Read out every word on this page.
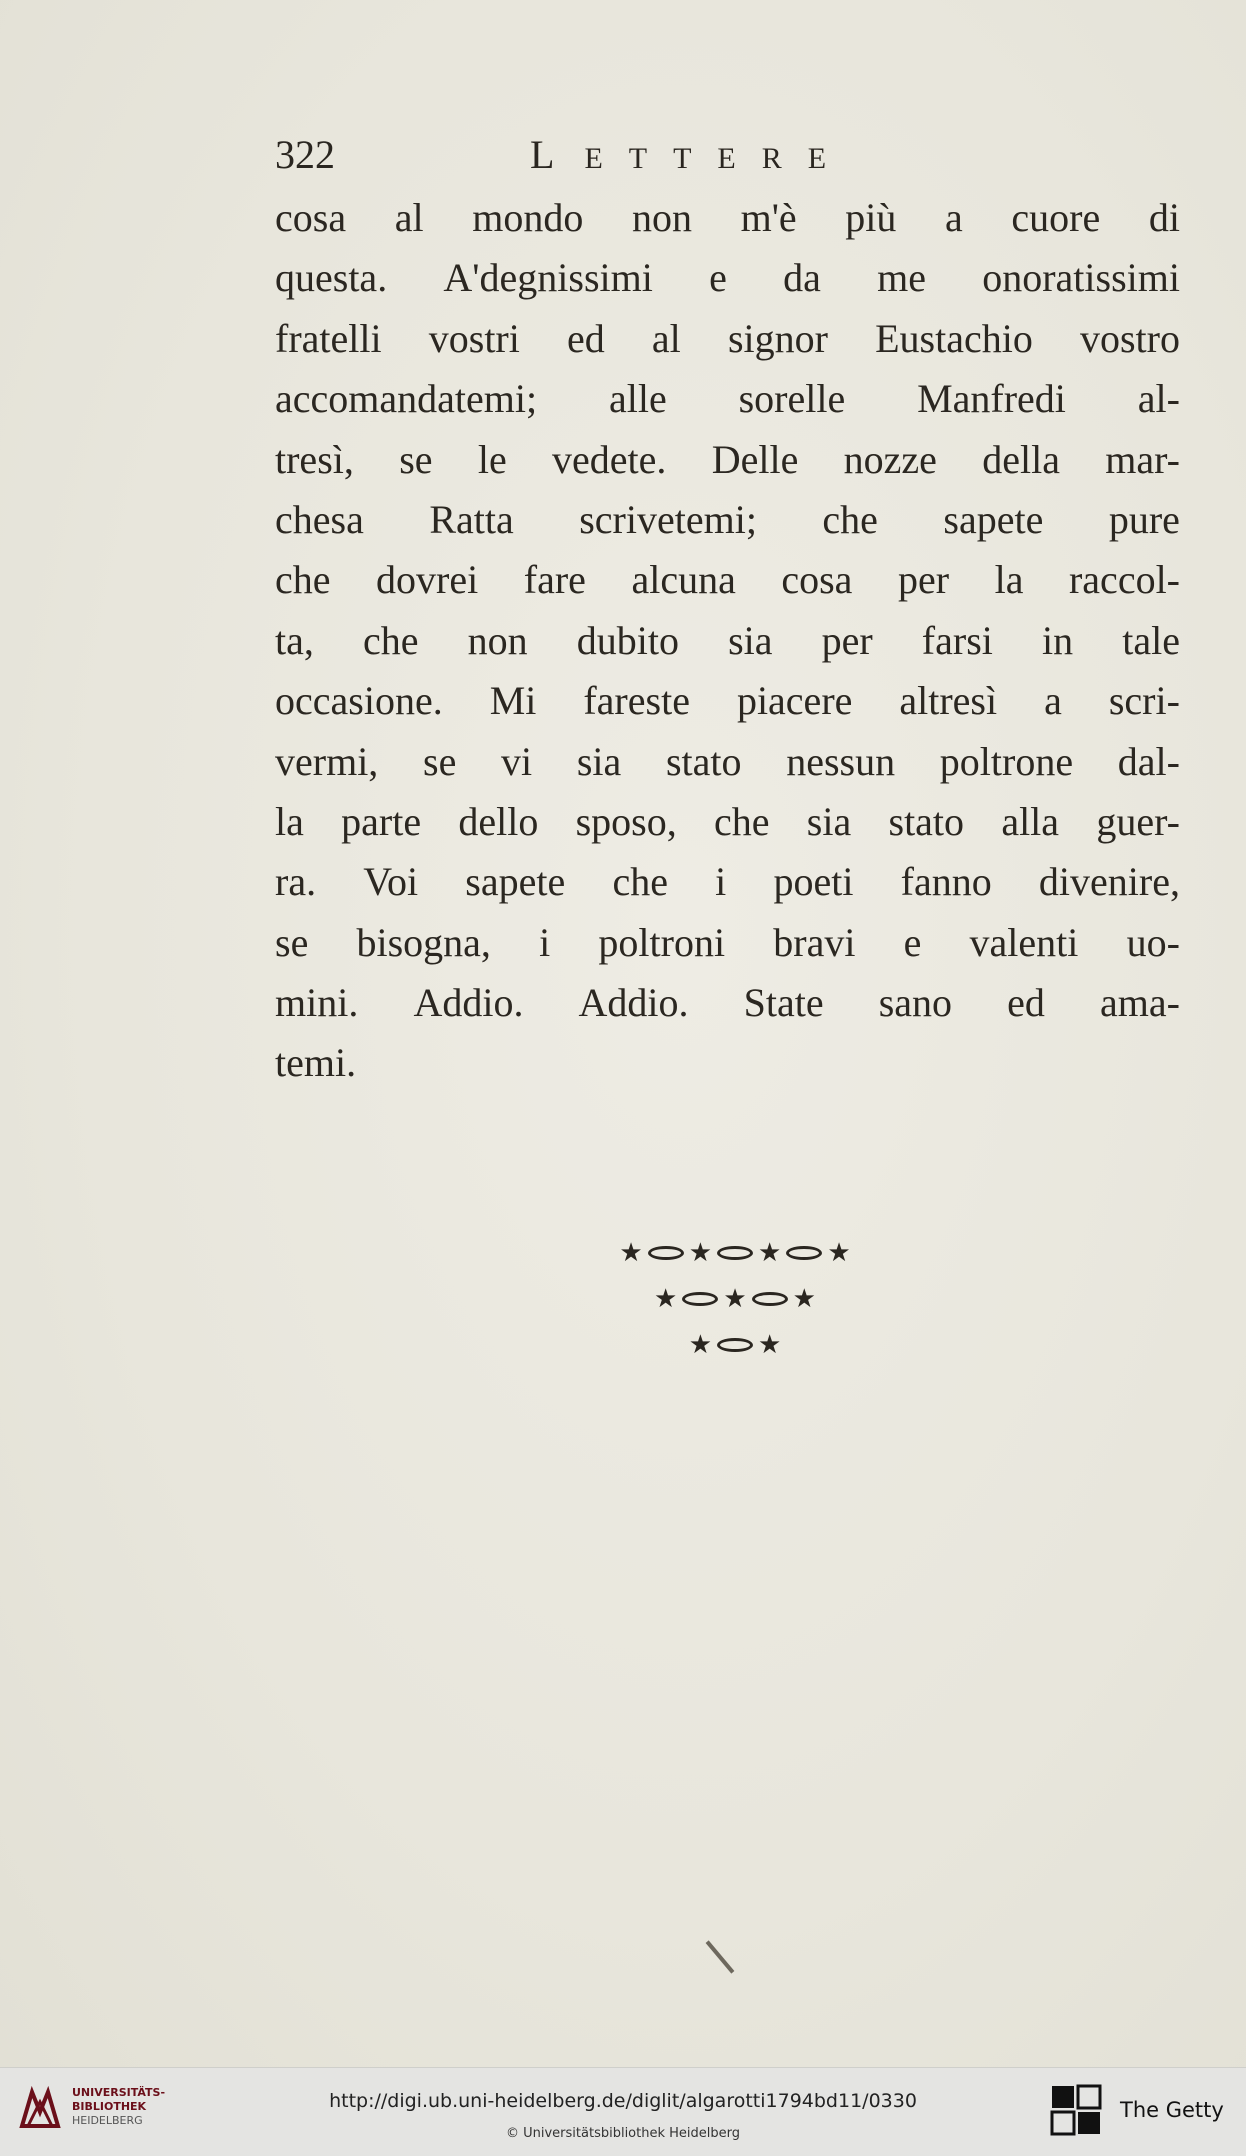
322	LETTERE
cosa al mondo non m'è più a cuore di
questa. A'degnissimi e da me onoratissimi
fratelli vostri ed al signor Eustachio vostro
accomandatemi; alle sorelle Manfredi al-
tresì, se le vedete. Delle nozze della mar-
chesa Ratta scrivetemi; che sapete pure
che dovrei fare alcuna cosa per la raccol-
ta, che non dubito sia per farsi in tale
occasione. Mi fareste piacere altresì a scri-
vermi, se vi sia stato nessun poltrone dal-
la parte dello sposo, che sia stato alla guer-
ra. Voi sapete che i poeti fanno divenire,
se bisogna, i poltroni bravi e valenti uo-
mini. Addio. Addio. State sano ed ama-
temi.
★ ★ ★ ★
★ ★ ★
★ ★
UNIVERSITÄTS-
BIBLIOTHEK
HEIDELBERG
http://digi.ub.uni-heidelberg.de/diglit/algarotti1794bd11/0330
© Universitätsbibliothek Heidelberg
The Getty
